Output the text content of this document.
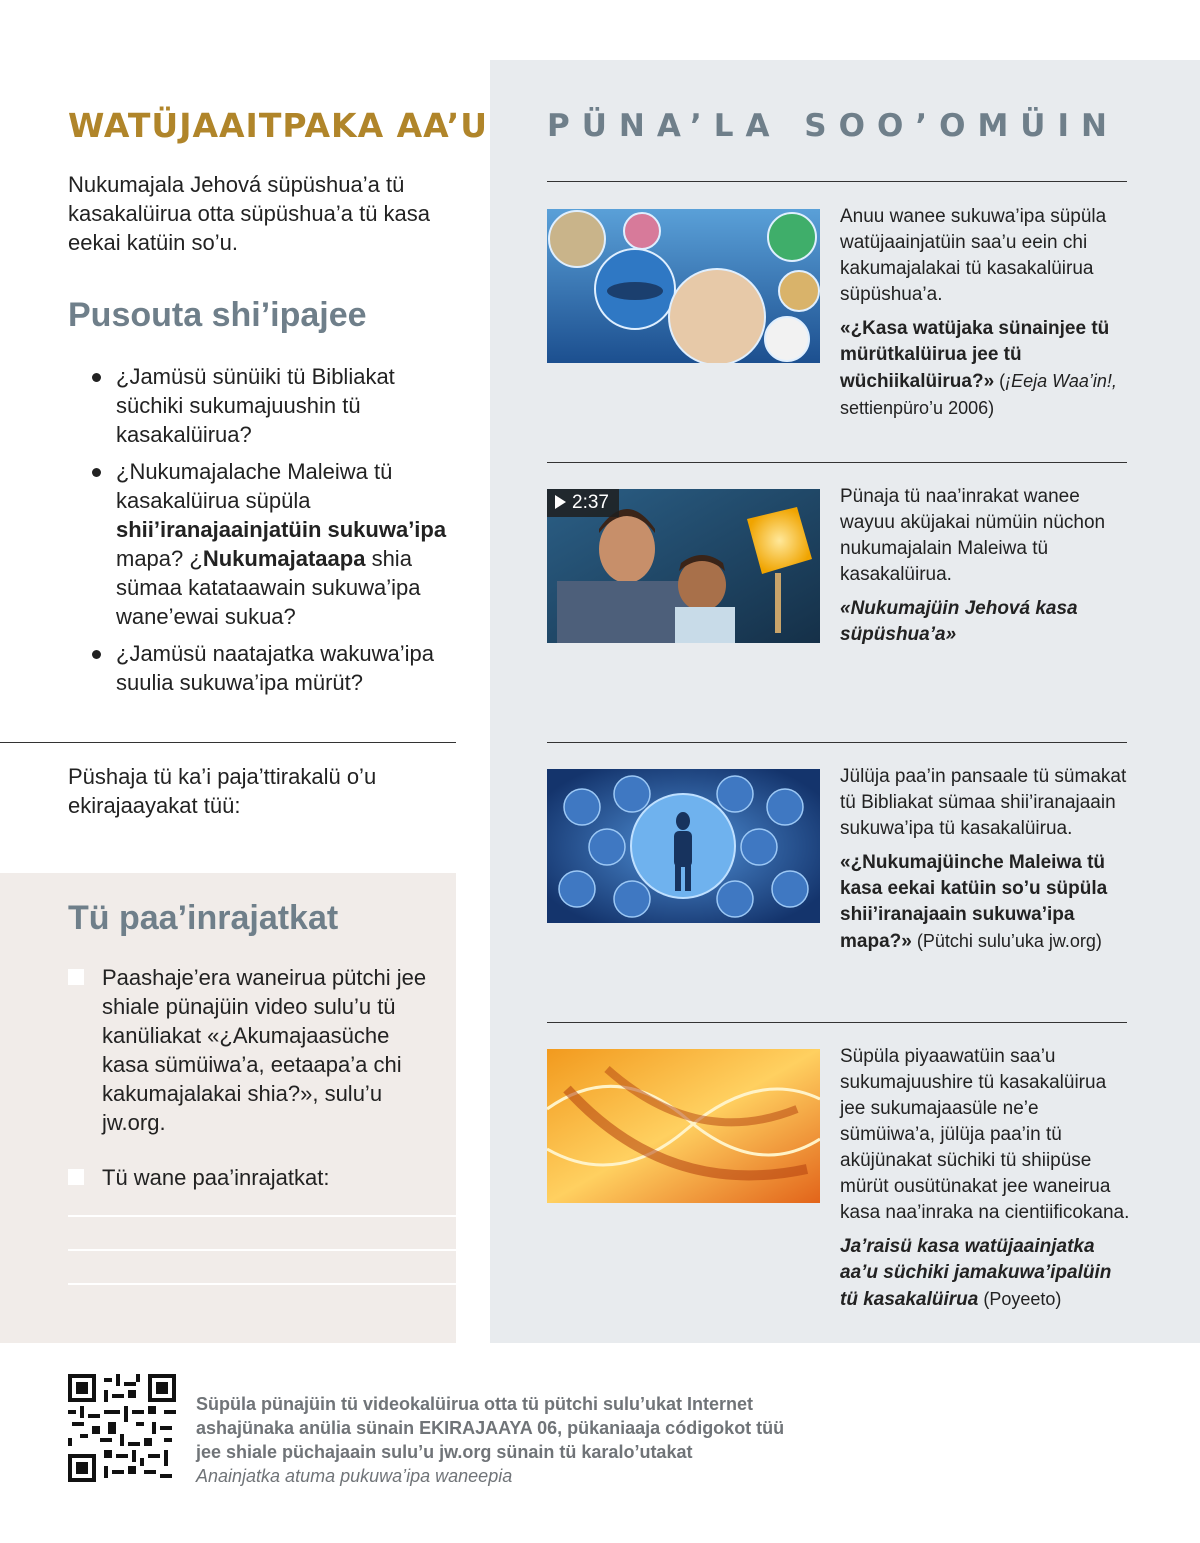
WATÜJAAITPAKA AA’U

Nukumajala Jehová süpüshua’a tü kasakalüirua otta süpüshua’a tü kasa eekai katüin so’u.

Pusouta shi’ipajee
¿Jamüsü sünüiki tü Bibliakat süchiki sukumajuushin tü kasakalüirua?
¿Nukumajalache Maleiwa tü kasakalüirua süpüla shii’iranajaainjatüin sukuwa’ipa mapa? ¿Nukumajataapa shia sümaa katataawain sukuwa’ipa wane’ewai sukua?
¿Jamüsü naatajatka wakuwa’ipa suulia sukuwa’ipa mürüt?

Püshaja tü ka’i paja’ttirakalü o’u ekirajaayakat tüü:

Tü paa’inrajatkat
Paashaje’era waneirua pütchi jee shiale pünajüin video sulu’u tü kanüliakat «¿Akumajaasüche kasa sümüiwa’a, eetaapa’a chi kakumajalakai shia?», sulu’u jw.org.
Tü wane paa’inrajatkat:
PÜNA’LA SOO’OMÜIN

Anuu wanee sukuwa’ipa süpüla watüjaainjatüin saa’u eein chi kakumajalakai tü kasakalüirua süpüshua’a.

«¿Kasa watüjaka sünainjee tü mürütkalüirua jee tü wüchiikalüirua?» (¡Eeja Waa’in!, settienpüro’u 2006)

2:37	Pünaja tü naa’inrakat wanee wayuu aküjakai nümüin nüchon nukumajalain Maleiwa tü kasakalüirua.

«Nukumajüin Jehová kasa süpüshua’a»

Jülüja paa’in pansaale tü sümakat tü Bibliakat sümaa shii’iranajaain sukuwa’ipa tü kasakalüirua.

«¿Nukumajüinche Maleiwa tü kasa eekai katüin so’u süpüla shii’iranajaain sukuwa’ipa mapa?» (Pütchi sulu’uka jw.org)

Süpüla piyaawatüin saa’u sukumajuushire tü kasakalüirua jee sukumajaasüle ne’e sümüiwa’a, jülüja paa’in tü aküjünakat süchiki tü shiipüse mürüt ousütünakat jee waneirua kasa naa’inraka na cientiificokana.

Ja’raisü kasa watüjaainjatka aa’u süchiki jamakuwa’ipalüin tü kasakalüirua (Poyeeto)

Süpüla pünajüin tü videokalüirua otta tü pütchi sulu’ukat Internet ashajünaka anülia sünain EKIRAJAAYA 06, pükaniaaja códigokot tüü jee shiale püchajaain sulu’u jw.org sünain tü karalo’utakat
Anainjatka atuma pukuwa’ipa waneepia
